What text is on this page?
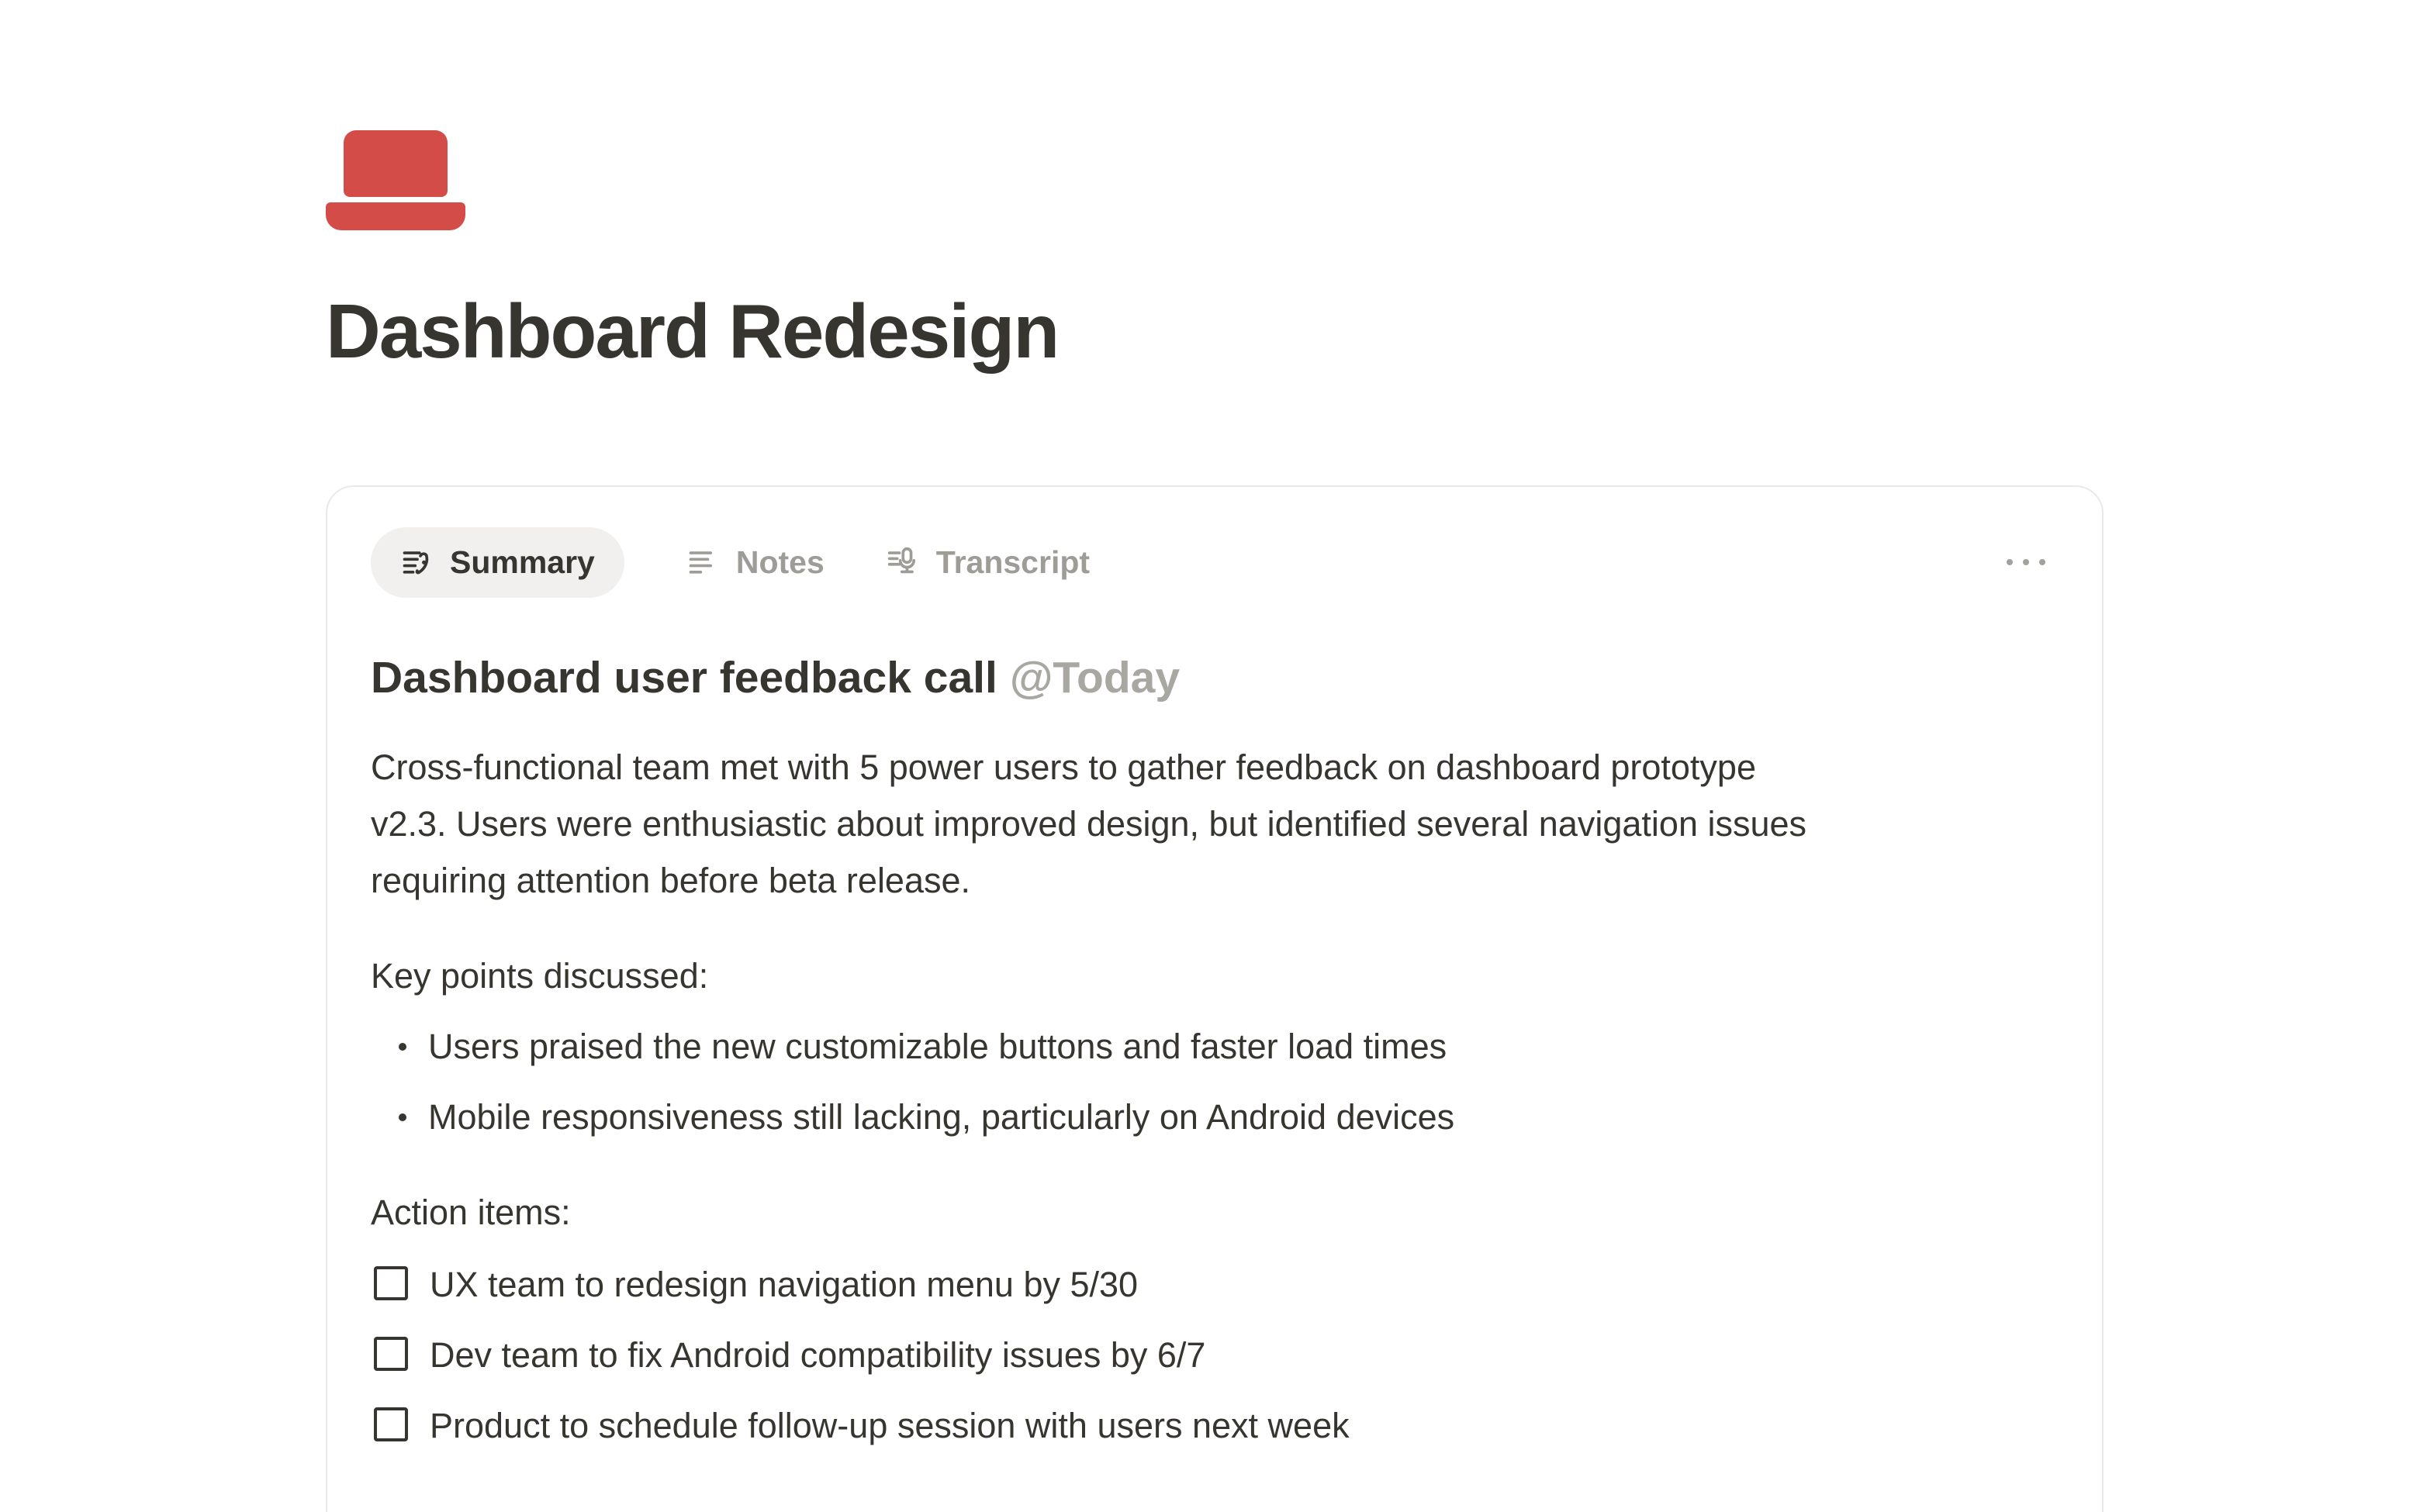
Dashboard Redesign
Summary	Notes	Transcript
Dashboard user feedback call @Today
Cross-functional team met with 5 power users to gather feedback on dashboard prototype
v2.3. Users were enthusiastic about improved design, but identified several navigation issues
requiring attention before beta release.
Key points discussed:
Users praised the new customizable buttons and faster load times
Mobile responsiveness still lacking, particularly on Android devices
Action items:
UX team to redesign navigation menu by 5/30
Dev team to fix Android compatibility issues by 6/7
Product to schedule follow-up session with users next week
